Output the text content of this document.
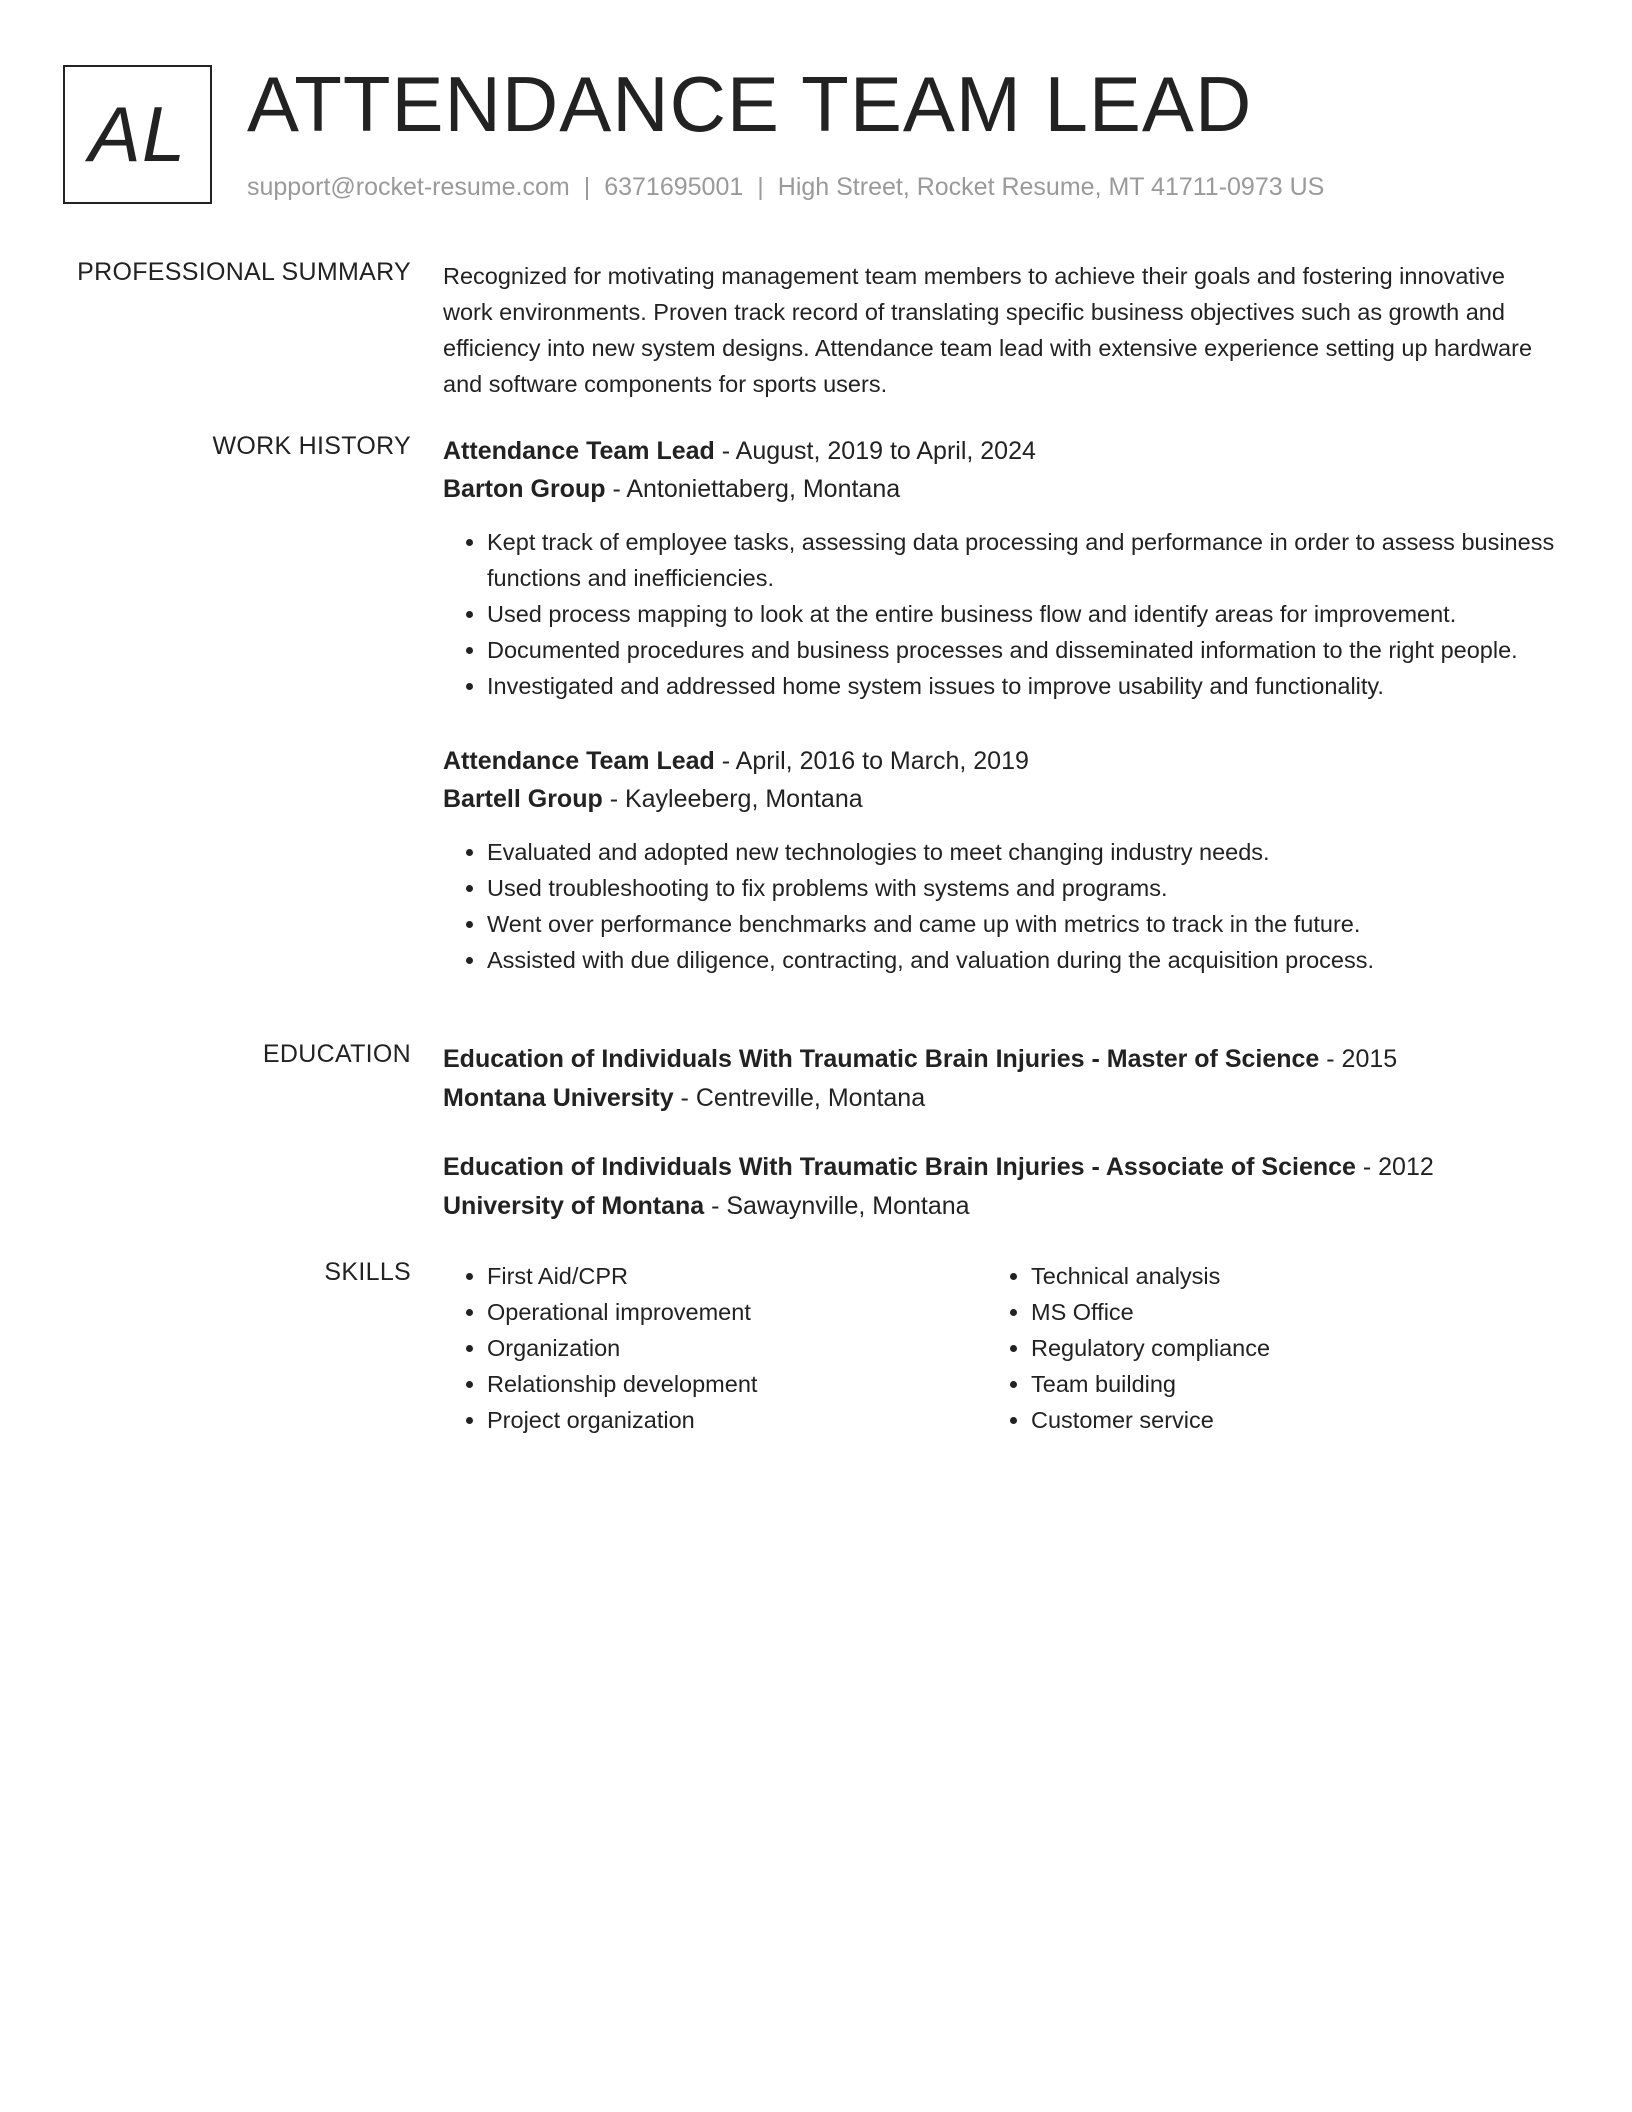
AL ATTENDANCE TEAM LEAD
support@rocket-resume.com | 6371695001 | High Street, Rocket Resume, MT 41711-0973 US
PROFESSIONAL SUMMARY Recognized for motivating management team members to achieve their goals and fostering innovative work environments. Proven track record of translating specific business objectives such as growth and efficiency into new system designs. Attendance team lead with extensive experience setting up hardware and software components for sports users.

WORK HISTORY Attendance Team Lead - August, 2019 to April, 2024
Barton Group - Antoniettaberg, Montana
• Kept track of employee tasks, assessing data processing and performance in order to assess business functions and inefficiencies.
• Used process mapping to look at the entire business flow and identify areas for improvement.
• Documented procedures and business processes and disseminated information to the right people.
• Investigated and addressed home system issues to improve usability and functionality.
Attendance Team Lead - April, 2016 to March, 2019
Bartell Group - Kayleeberg, Montana
• Evaluated and adopted new technologies to meet changing industry needs.
• Used troubleshooting to fix problems with systems and programs.
• Went over performance benchmarks and came up with metrics to track in the future.
• Assisted with due diligence, contracting, and valuation during the acquisition process.
EDUCATION Education of Individuals With Traumatic Brain Injuries - Master of Science - 2015
Montana University - Centreville, Montana
Education of Individuals With Traumatic Brain Injuries - Associate of Science - 2012
University of Montana - Sawaynville, Montana
SKILLS
•	First Aid/CPR
• Operational improvement
• Organization
• Relationship development
• Project organization
• Technical analysis
• MS Office
• Regulatory compliance
• Team building
• Customer service
